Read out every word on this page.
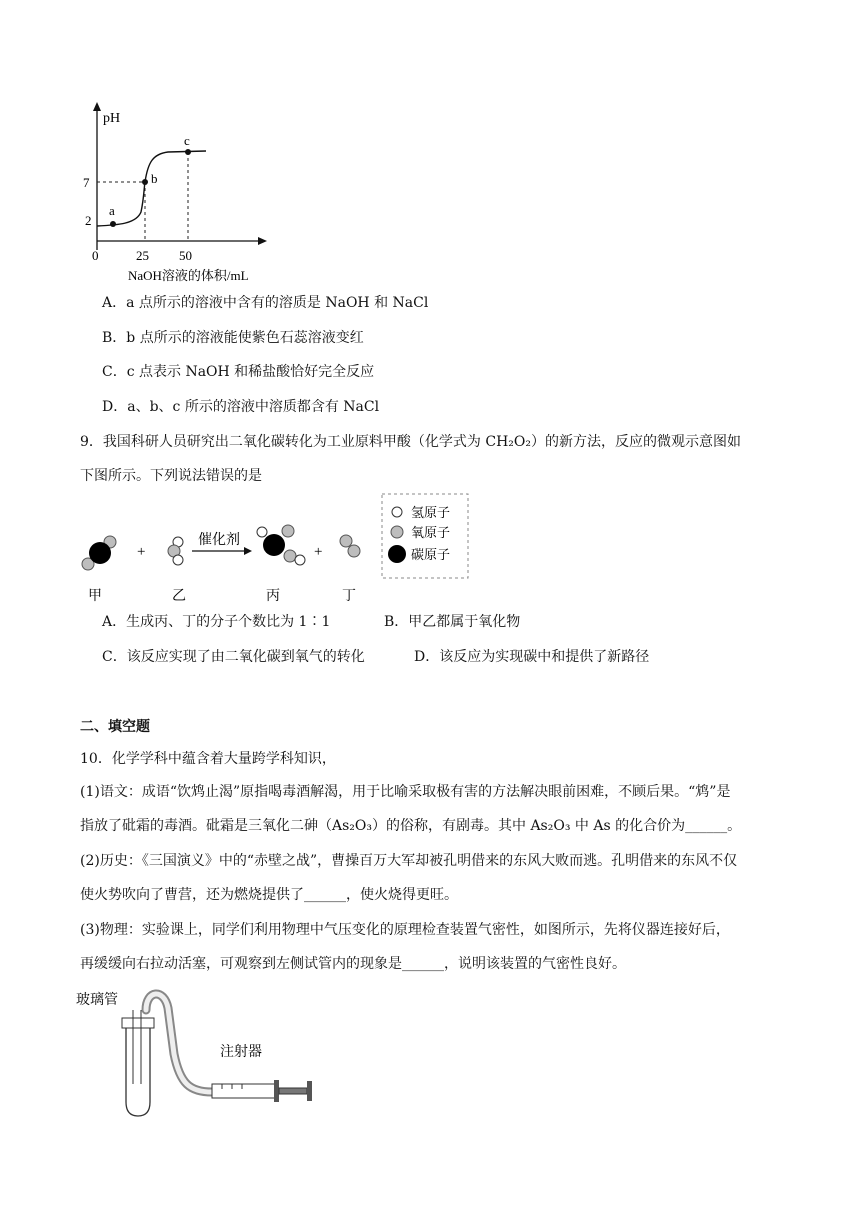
pH
a
b
c
7
2
0	25 50
NaOH溶液的体积/mL
A．a 点所示的溶液中含有的溶质是 NaOH 和 NaCl
B．b 点所示的溶液能使紫色石蕊溶液变红
C．c 点表示 NaOH 和稀盐酸恰好完全反应
D．a、b、c 所示的溶液中溶质都含有 NaCl
9．我国科研人员研究出二氧化碳转化为工业原料甲酸（化学式为 CH₂O₂）的新方法，反应的微观示意图如
下图所示。下列说法错误的是
+
催化剂
+
氢原子
氧原子
碳原子
甲	乙	丙	丁
A．生成丙、丁的分子个数比为 1∶1	B．甲乙都属于氧化物
C．该反应实现了由二氧化碳到氧气的转化	D．该反应为实现碳中和提供了新路径
二、填空题
10．化学学科中蕴含着大量跨学科知识，
(1)语文：成语“饮鸩止渴”原指喝毒酒解渴，用于比喻采取极有害的方法解决眼前困难，不顾后果。“鸩”是
指放了砒霜的毒酒。砒霜是三氧化二砷（As₂O₃）的俗称，有剧毒。其中 As₂O₃ 中 As 的化合价为______。
(2)历史：《三国演义》中的“赤壁之战”，曹操百万大军却被孔明借来的东风大败而逃。孔明借来的东风不仅
使火势吹向了曹营，还为燃烧提供了______，使火烧得更旺。
(3)物理：实验课上，同学们利用物理中气压变化的原理检查装置气密性，如图所示，先将仪器连接好后，
再缓缓向右拉动活塞，可观察到左侧试管内的现象是______，说明该装置的气密性良好。
玻璃管
注射器
